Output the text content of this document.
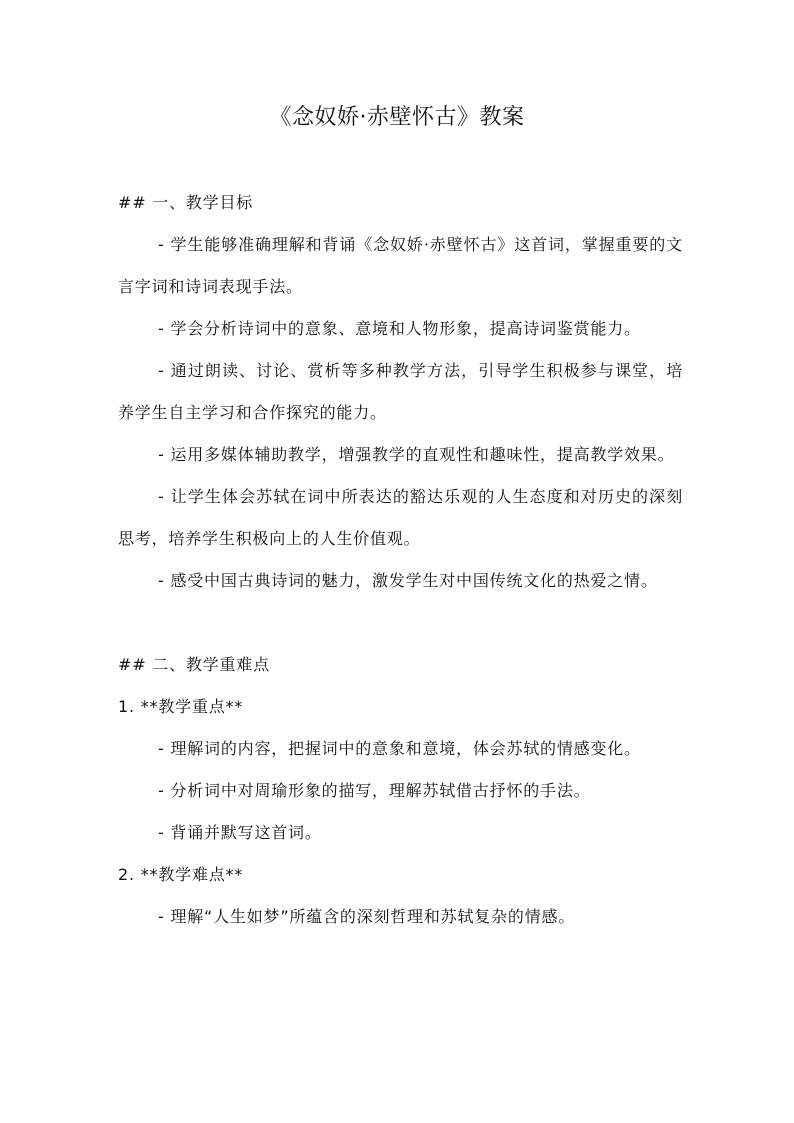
《念奴娇·赤壁怀古》教案
## 一、教学目标
- 学生能够准确理解和背诵《念奴娇·赤壁怀古》这首词，掌握重要的文言字词和诗词表现手法。
- 学会分析诗词中的意象、意境和人物形象，提高诗词鉴赏能力。
- 通过朗读、讨论、赏析等多种教学方法，引导学生积极参与课堂，培养学生自主学习和合作探究的能力。
- 运用多媒体辅助教学，增强教学的直观性和趣味性，提高教学效果。
- 让学生体会苏轼在词中所表达的豁达乐观的人生态度和对历史的深刻思考，培养学生积极向上的人生价值观。
- 感受中国古典诗词的魅力，激发学生对中国传统文化的热爱之情。
## 二、教学重难点
1. **教学重点**
- 理解词的内容，把握词中的意象和意境，体会苏轼的情感变化。
- 分析词中对周瑜形象的描写，理解苏轼借古抒怀的手法。
- 背诵并默写这首词。
2. **教学难点**
- 理解“人生如梦”所蕴含的深刻哲理和苏轼复杂的情感。
